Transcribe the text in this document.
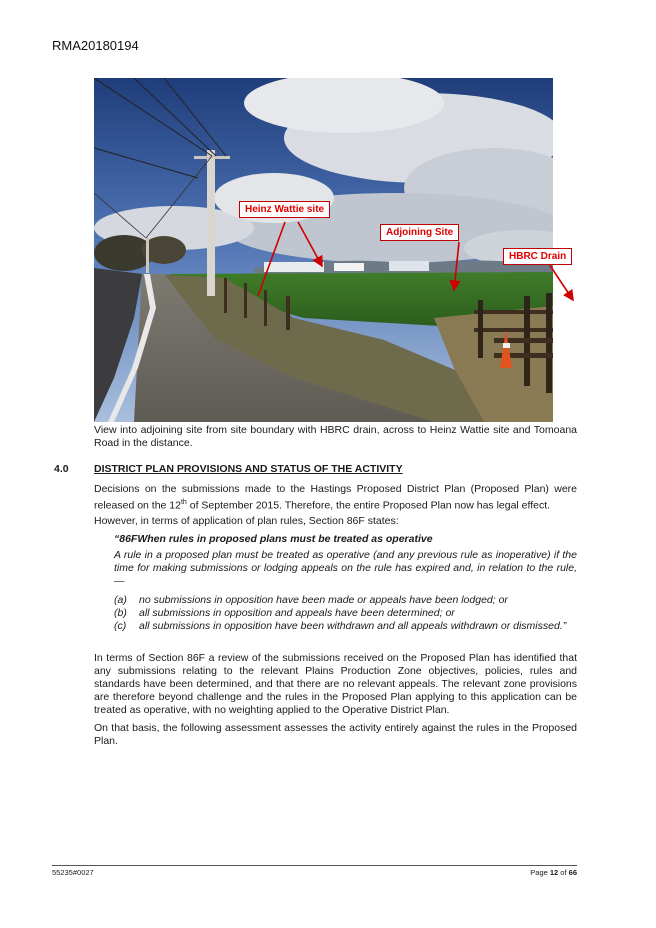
RMA20180194
Heinz Wattie site
Adjoining Site
HBRC Drain
View into adjoining site from site boundary with HBRC drain, across to Heinz Wattie site and Tomoana Road in the distance.
4.0 DISTRICT PLAN PROVISIONS AND STATUS OF THE ACTIVITY
Decisions on the submissions made to the Hastings Proposed District Plan (Proposed Plan) were released on the 12th of September 2015. Therefore, the entire Proposed Plan now has legal effect.
However, in terms of application of plan rules, Section 86F states:
“86FWhen rules in proposed plans must be treated as operative
A rule in a proposed plan must be treated as operative (and any previous rule as inoperative) if the time for making submissions or lodging appeals on the rule has expired and, in relation to the rule,—
(a) no submissions in opposition have been made or appeals have been lodged; or
(b) all submissions in opposition and appeals have been determined; or
(c) all submissions in opposition have been withdrawn and all appeals withdrawn or dismissed.”
In terms of Section 86F a review of the submissions received on the Proposed Plan has identified that any submissions relating to the relevant Plains Production Zone objectives, policies, rules and standards have been determined, and that there are no relevant appeals. The relevant zone provisions are therefore beyond challenge and the rules in the Proposed Plan applying to this application can be treated as operative, with no weighting applied to the Operative District Plan.
On that basis, the following assessment assesses the activity entirely against the rules in the Proposed Plan.
55235#0027	Page 12 of 66
